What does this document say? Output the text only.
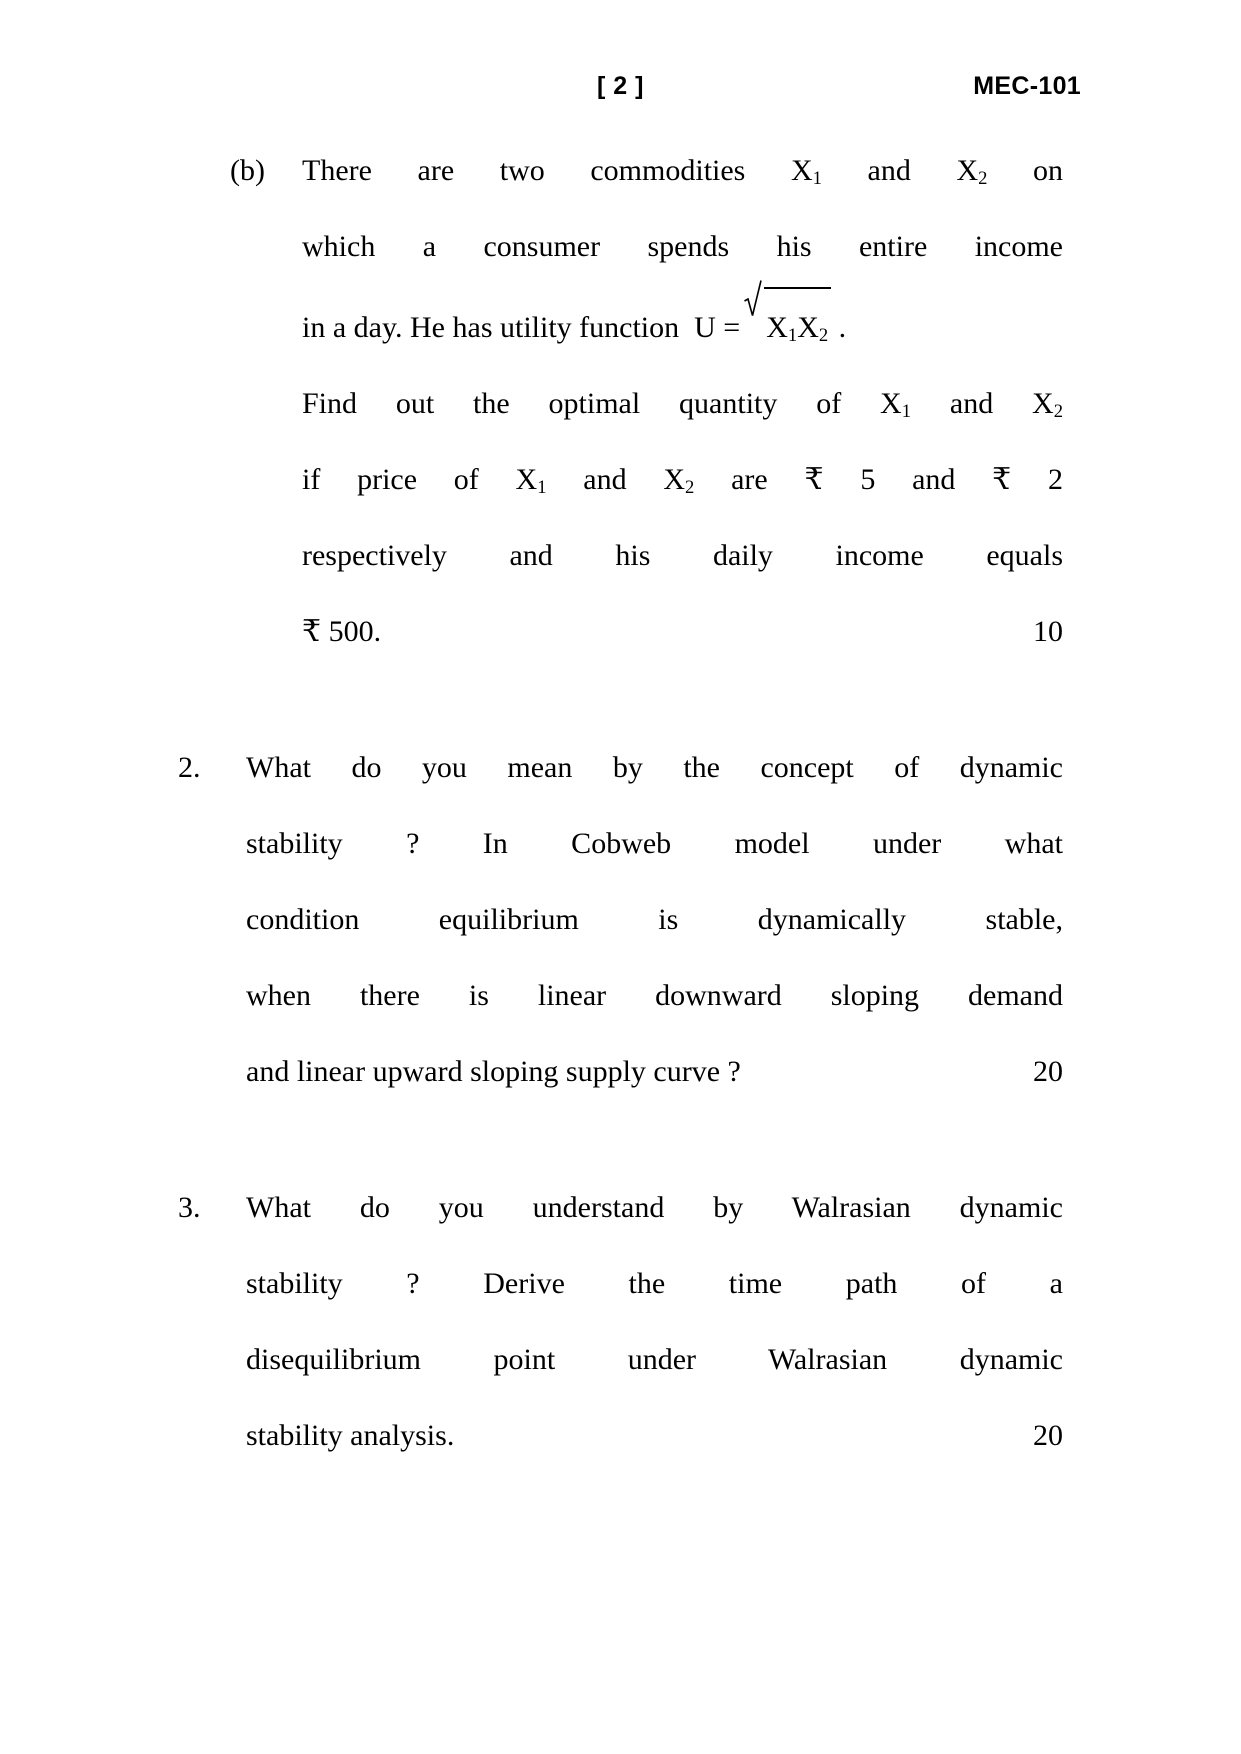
[ 2 ]	MEC-101
(b)	There are two commodities $X_1$ and $X_2$ on
which a consumer spends his entire income
in a day. He has utility function $U = X_1X_2$ .
Find out the optimal quantity of $X_1$ and $X_2$
if price of $X_1$ and $X_2$ are ₹ 5 and ₹ 2
respectively and his daily income equals
₹ 500.	10
2.	What do you mean by the concept of dynamic
stability ? In Cobweb model under what
condition equilibrium is dynamically stable,
when there is linear downward sloping demand
and linear upward sloping supply curve ?	20
3.	What do you understand by Walrasian dynamic
stability ? Derive the time path of a
disequilibrium point under Walrasian dynamic
stability analysis.	20
